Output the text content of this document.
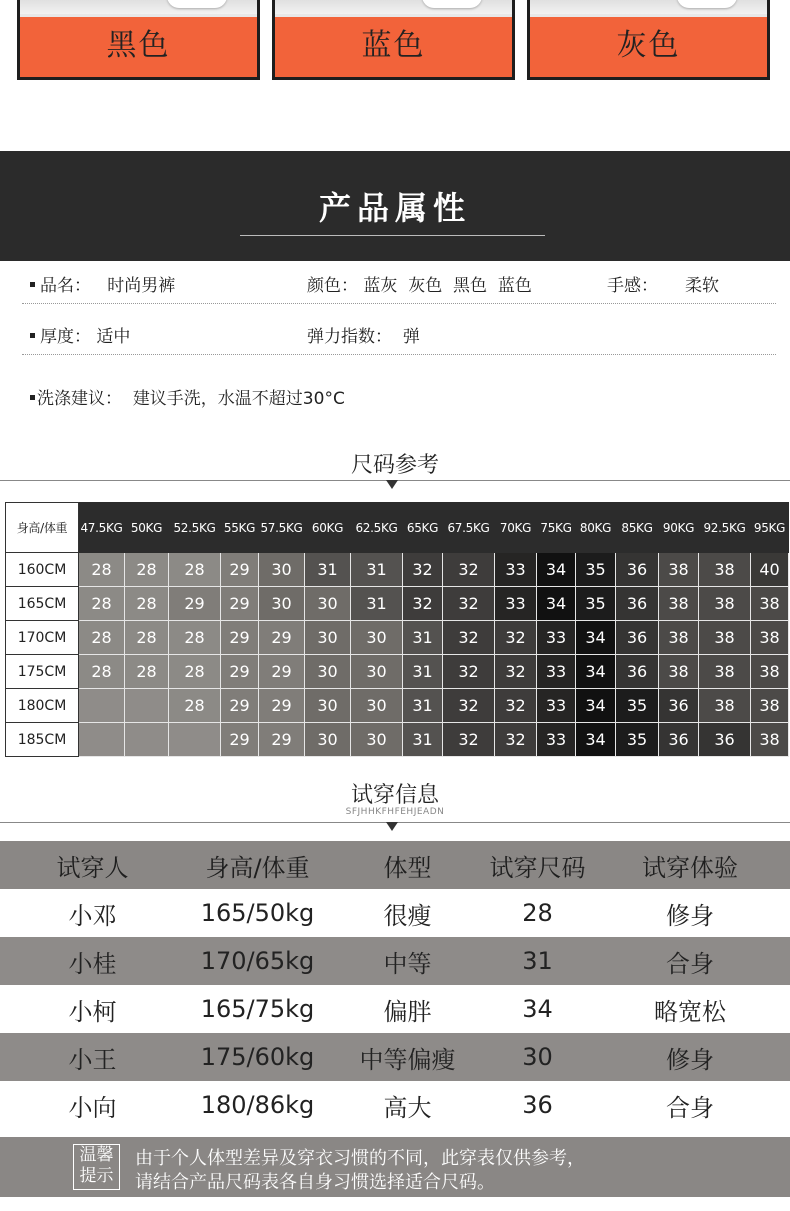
黑色	蓝色	灰色
产品属性
品名： 时尚男裤	颜色： 蓝灰  灰色  黑色  蓝色	手感： 柔软
厚度： 适中	弹力指数： 弹
洗涤建议： 建议手洗，水温不超过30°C
尺码参考
身高/体重	47.5KG	50KG	52.5KG	55KG	57.5KG	60KG	62.5KG	65KG	67.5KG	70KG	75KG	80KG	85KG	90KG	92.5KG	95KG
160CM	28	28	28	29	30	31	31	32	32	33	34	35	36	38	38	40
165CM	28	28	29	29	30	30	31	32	32	33	34	35	36	38	38	38
170CM	28	28	28	29	29	30	30	31	32	32	33	34	36	38	38	38
175CM	28	28	28	29	29	30	30	31	32	32	33	34	36	38	38	38
180CM			28	29	29	30	30	31	32	32	33	34	35	36	38	38
185CM				29	29	30	30	31	32	32	33	34	35	36	36	38
试穿信息
SFJHHKFHFEHJEADN
试穿人	身高/体重	体型	试穿尺码	试穿体验
小邓	165/50kg	很瘦	28	修身
小桂	170/65kg	中等	31	合身
小柯	165/75kg	偏胖	34	略宽松
小王	175/60kg	中等偏瘦	30	修身
小向	180/86kg	高大	36	合身
温馨
提示
由于个人体型差异及穿衣习惯的不同，此穿表仅供参考，
请结合产品尺码表各自身习惯选择适合尺码。
